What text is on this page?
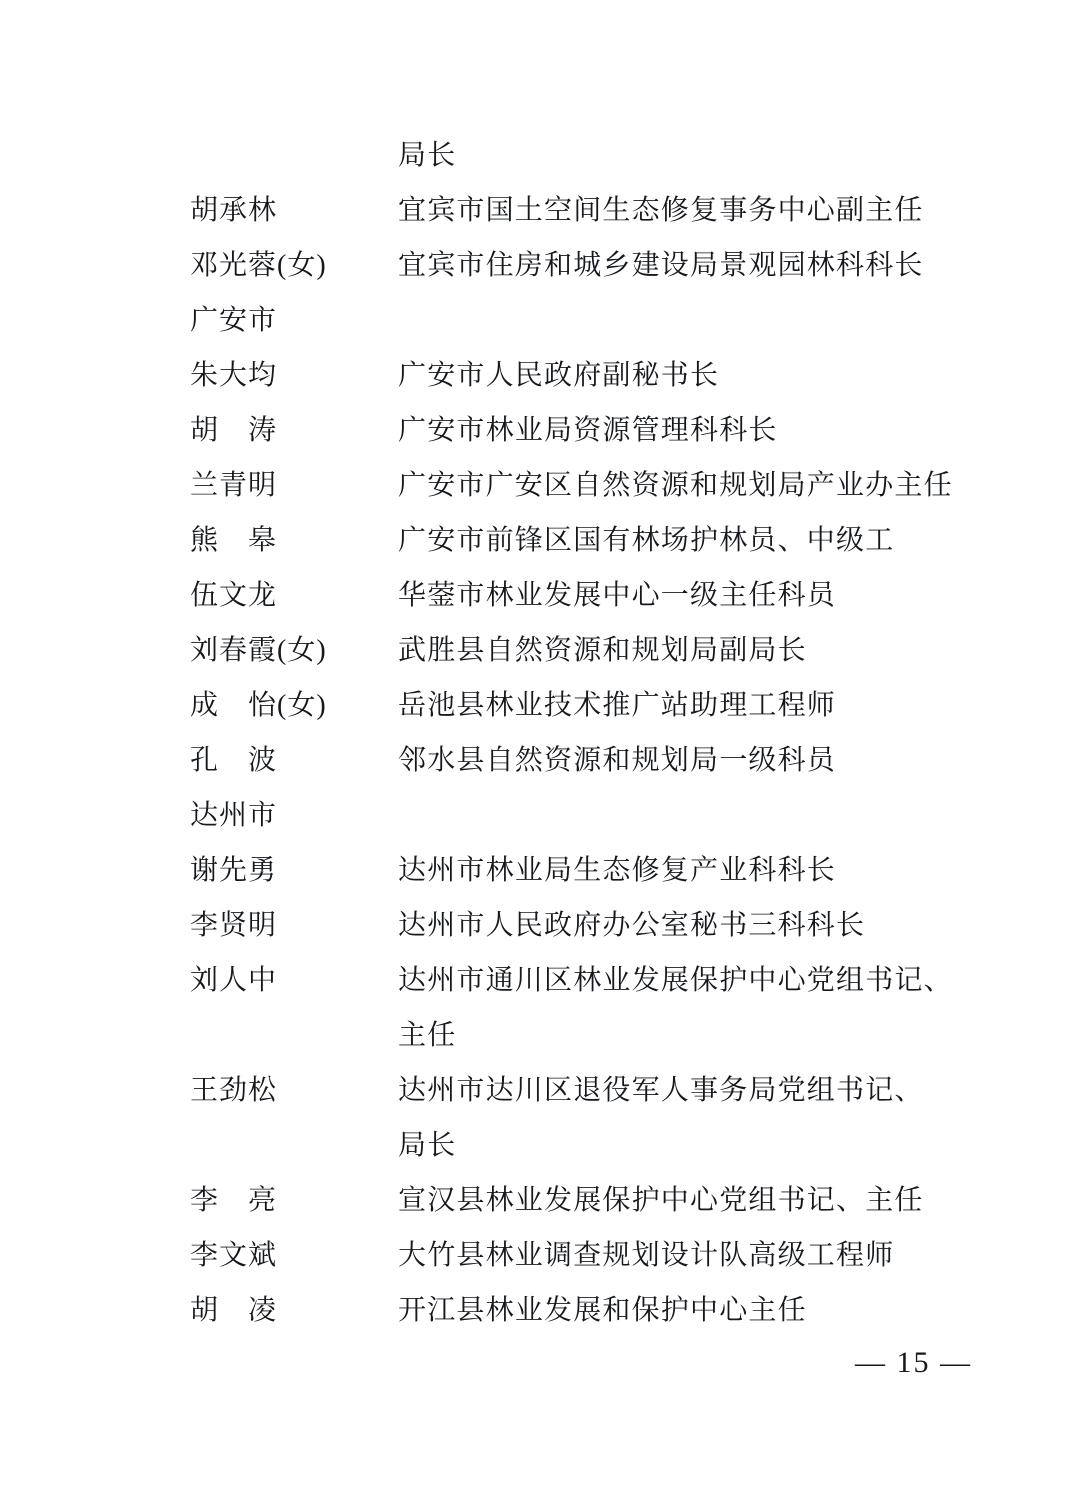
局长
胡承林	宜宾市国土空间生态修复事务中心副主任
邓光蓉(女)	宜宾市住房和城乡建设局景观园林科科长
广安市
朱大均	广安市人民政府副秘书长
胡　涛	广安市林业局资源管理科科长
兰青明	广安市广安区自然资源和规划局产业办主任
熊　皋	广安市前锋区国有林场护林员、中级工
伍文龙	华蓥市林业发展中心一级主任科员
刘春霞(女)	武胜县自然资源和规划局副局长
成　怡(女)	岳池县林业技术推广站助理工程师
孔　波	邻水县自然资源和规划局一级科员
达州市
谢先勇	达州市林业局生态修复产业科科长
李贤明	达州市人民政府办公室秘书三科科长
刘人中	达州市通川区林业发展保护中心党组书记、
主任
王劲松	达州市达川区退役军人事务局党组书记、
局长
李　亮	宣汉县林业发展保护中心党组书记、主任
李文斌	大竹县林业调查规划设计队高级工程师
胡　凌	开江县林业发展和保护中心主任
— 15 —
